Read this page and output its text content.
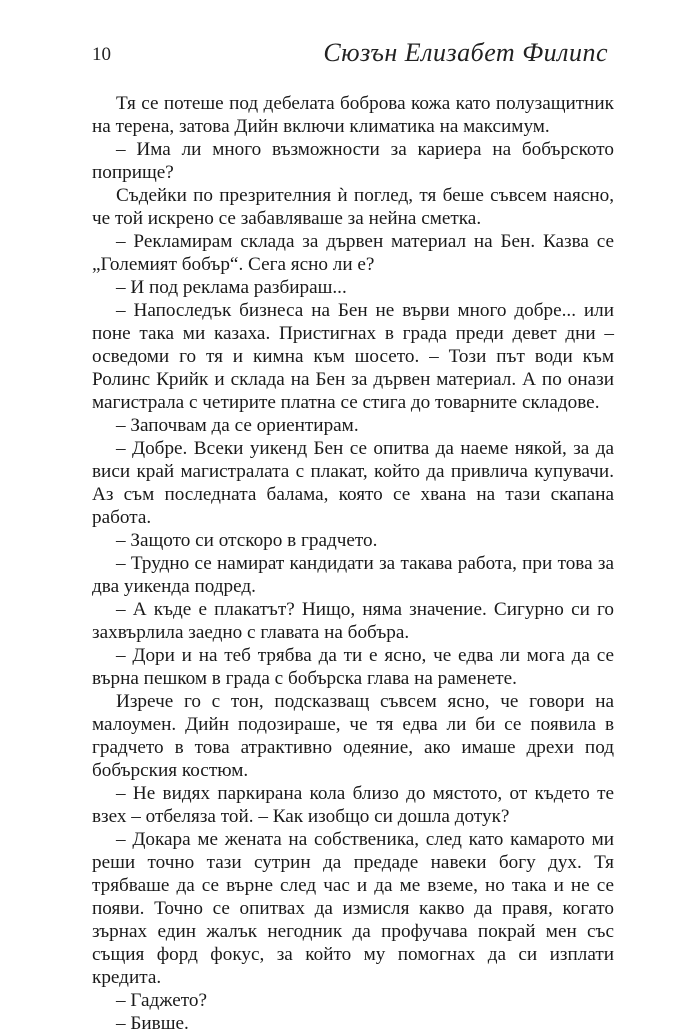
10	Сюзън Елизабет Филипс

Тя се потеше под дебелата боброва кожа като полузащитник на терена, затова Дийн включи климатика на максимум.

– Има ли много възможности за кариера на бобърското поприще?

Съдейки по презрителния ѝ поглед, тя беше съвсем наясно, че той искрено се забавляваше за нейна сметка.

– Рекламирам склада за дървен материал на Бен. Казва се „Големият бобър“. Сега ясно ли е?

– И под реклама разбираш...

– Напоследък бизнеса на Бен не върви много добре... или поне така ми казаха. Пристигнах в града преди девет дни – осведоми го тя и кимна към шосето. – Този път води към Ролинс Крийк и склада на Бен за дървен материал. А по онази магистрала с четирите платна се стига до товарните складове.

– Започвам да се ориентирам.

– Добре. Всеки уикенд Бен се опитва да наеме някой, за да виси край магистралата с плакат, който да привлича купувачи. Аз съм последната балама, която се хвана на тази скапана работа.

– Защото си отскоро в градчето.

– Трудно се намират кандидати за такава работа, при това за два уикенда подред.

– А къде е плакатът? Нищо, няма значение. Сигурно си го захвърлила заедно с главата на бобъра.

– Дори и на теб трябва да ти е ясно, че едва ли мога да се върна пешком в града с бобърска глава на раменете.

Изрече го с тон, подсказващ съвсем ясно, че говори на малоумен. Дийн подозираше, че тя едва ли би се появила в градчето в това атрактивно одеяние, ако имаше дрехи под бобърския костюм.

– Не видях паркирана кола близо до мястото, от където те взех – отбеляза той. – Как изобщо си дошла дотук?

– Докара ме жената на собственика, след като камарото ми реши точно тази сутрин да предаде навеки богу дух. Тя трябваше да се върне след час и да ме вземе, но така и не се появи. Точно се опитвах да измисля какво да правя, когато зърнах един жалък негодник да профучава покрай мен със същия форд фокус, за който му помогнах да си изплати кредита.

– Гаджето?

– Бивше.
